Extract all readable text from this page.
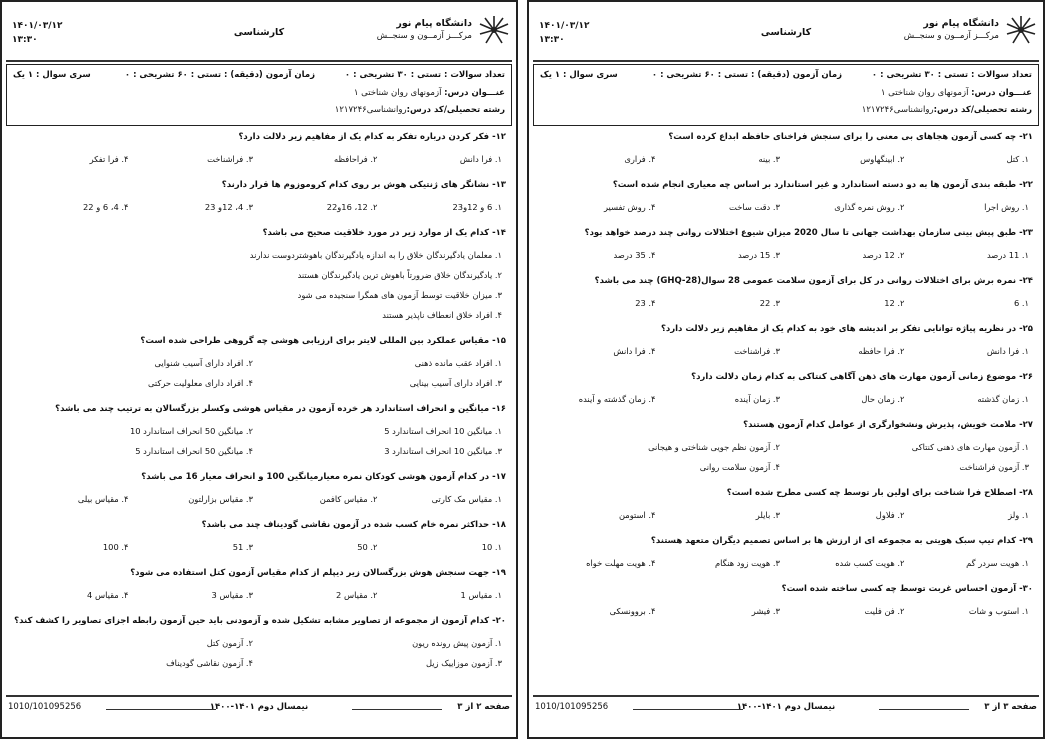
دانشگاه پیام نور
مرکـــز آزمــون و سنجــش
کارشناسی
۱۴۰۱/۰۳/۱۲
۱۳:۳۰
تعداد سوالات : تستی : ۳۰ تشریحی : ۰
زمان آزمون (دقیقه) : تستی : ۶۰ تشریحی : ۰
سری سوال : ۱ یک
عنـــوان درس: آزمونهای روان شناختی ۱
رشته تحصیلی/کد درس:روانشناسی۱۲۱۷۲۴۶
۱۲- فکر کردن درباره تفکر به کدام یک از مفاهیم زیر دلالت دارد؟
۱. فرا دانش
۲. فراحافظه
۳. فراشناخت
۴. فرا تفکر
۱۳- نشانگر های ژنتیکی هوش بر روی کدام کروموزوم ها قرار دارند؟
۱. 6 و 12و23
۲. 12، 16و22
۳. 4، 12و 23
۴. 4، 6 و 22
۱۴- کدام یک از موارد زیر در مورد خلاقیت صحیح می باشد؟
۱. معلمان یادگیرندگان خلاق را به اندازه یادگیرندگان باهوشتردوست ندارند
۲. یادگیرندگان خلاق ضرورتاً باهوش ترین یادگیرندگان هستند
۳. میزان خلاقیت توسط آزمون های همگرا سنجیده می شود
۴. افراد خلاق انعطاف ناپذیر هستند
۱۵- مقیاس عملکرد بین المللی لایتر برای ارزیابی هوشی چه گروهی طراحی شده است؟
۱. افراد عقب مانده ذهنی
۲. افراد دارای آسیب شنوایی
۳. افراد دارای آسیب بینایی
۴. افراد دارای معلولیت حرکتی
۱۶- میانگین و انحراف استاندارد هر خرده آزمون در مقیاس هوشی وکسلر بزرگسالان به ترتیب چند می باشد؟
۱. میانگین 10 انحراف استاندارد 5
۲. میانگین 50 انحراف استاندارد 10
۳. میانگین 10 انحراف استاندارد 3
۴. میانگین 50 انحراف استاندارد 5
۱۷- در کدام آزمون هوشی کودکان نمره معیارمیانگین 100 و انحراف معیار 16 می باشد؟
۱. مقیاس مک کارتی
۲. مقیاس کافمن
۳. مقیاس بزارلتون
۴. مقیاس بیلی
۱۸- حداکثر نمره خام کسب شده در آزمون نقاشی گودیناف چند می باشد؟
۱. 10
۲. 50
۳. 51
۴. 100
۱۹- جهت سنجش هوش بزرگسالان زیر دیپلم از کدام مقیاس آزمون کتل استفاده می شود؟
۱. مقیاس 1
۲. مقیاس 2
۳. مقیاس 3
۴. مقیاس 4
۲۰- کدام آزمون از مجموعه از تصاویر مشابه تشکیل شده و آزمودنی باید حین آزمون رابطه اجزای تصاویر را کشف کند؟
۱. آزمون پیش رونده ریون
۲. آزمون کتل
۳. آزمون موزاییک زیل
۴. آزمون نقاشی گودیناف
صفحه ۲ از ۳
نیمسال دوم ۱۴۰۱-۱۴۰۰
1010/101095256
دانشگاه پیام نور
مرکـــز آزمــون و سنجــش
کارشناسی
۱۴۰۱/۰۳/۱۲
۱۳:۳۰
تعداد سوالات : تستی : ۳۰ تشریحی : ۰
زمان آزمون (دقیقه) : تستی : ۶۰ تشریحی : ۰
سری سوال : ۱ یک
عنـــوان درس: آزمونهای روان شناختی ۱
رشته تحصیلی/کد درس:روانشناسی۱۲۱۷۲۴۶
۲۱- چه کسی آزمون هجاهای بی معنی را برای سنجش فراخنای حافظه ابداع کرده است؟
۱. کتل
۲. ابینگهاوس
۳. بینه
۴. فراری
۲۲- طبقه بندی آزمون ها به دو دسته استاندارد و غیر استاندارد بر اساس چه معیاری انجام شده است؟
۱. روش اجرا
۲. روش نمره گذاری
۳. دقت ساخت
۴. روش تفسیر
۲۳- طبق پیش بینی سازمان بهداشت جهانی تا سال 2020 میزان شیوع اختلالات روانی چند درصد خواهد بود؟
۱. 11 درصد
۲. 12 درصد
۳. 15 درصد
۴. 35 درصد
۲۴- نمره برش برای اختلالات روانی در کل برای آزمون سلامت عمومی 28 سوال(GHQ-28) چند می باشد؟
۱. 6
۲. 12
۳. 22
۴. 23
۲۵- در نظریه پیاژه توانایی تفکر بر اندیشه های خود به کدام یک از مفاهیم زیر دلالت دارد؟
۱. فرا دانش
۲. فرا حافظه
۳. فراشناخت
۴. فرا دانش
۲۶- موضوع زمانی آزمون مهارت های ذهن آگاهی کنتاکی به کدام زمان دلالت دارد؟
۱. زمان گذشته
۲. زمان حال
۳. زمان آینده
۴. زمان گذشته و آینده
۲۷- ملامت خویش، پذیرش ونشخوارگری از عوامل کدام آزمون هستند؟
۱. آزمون مهارت های ذهنی کنتاکی
۲. آزمون نظم جویی شناختی و هیجانی
۳. آزمون فراشناخت
۴. آزمون سلامت روانی
۲۸- اصطلاح فرا شناخت برای اولین بار توسط چه کسی مطرح شده است؟
۱. ولز
۲. فلاول
۳. بایلر
۴. استومن
۲۹- کدام تیپ سبک هویتی به مجموعه ای از ارزش ها بر اساس تصمیم دیگران متعهد هستند؟
۱. هویت سردر گم
۲. هویت کسب شده
۳. هویت زود هنگام
۴. هویت مهلت خواه
۳۰- آزمون احساس غربت توسط چه کسی ساخته شده است؟
۱. استوب و شات
۲. فن فلیت
۳. فیشر
۴. بروونسکی
صفحه ۳ از ۳
نیمسال دوم ۱۴۰۱-۱۴۰۰
1010/101095256
